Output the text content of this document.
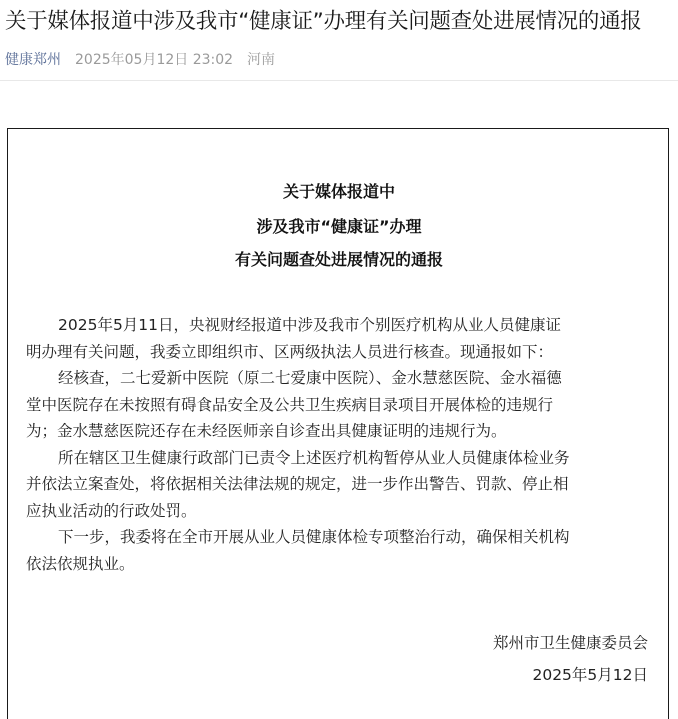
关于媒体报道中涉及我市“健康证”办理有关问题查处进展情况的通报
健康郑州 2025年05月12日 23:02 河南
关于媒体报道中
涉及我市“健康证”办理
有关问题查处进展情况的通报

2025年5月11日，央视财经报道中涉及我市个别医疗机构从业人员健康证

明办理有关问题，我委立即组织市、区两级执法人员进行核查。现通报如下：

经核查，二七爱新中医院（原二七爱康中医院）、金水慧慈医院、金水福德

堂中医院存在未按照有碍食品安全及公共卫生疾病目录项目开展体检的违规行

为；金水慧慈医院还存在未经医师亲自诊查出具健康证明的违规行为。

所在辖区卫生健康行政部门已责令上述医疗机构暂停从业人员健康体检业务

并依法立案查处，将依据相关法律法规的规定，进一步作出警告、罚款、停止相

应执业活动的行政处罚。

下一步，我委将在全市开展从业人员健康体检专项整治行动，确保相关机构

依法依规执业。

郑州市卫生健康委员会
2025年5月12日
